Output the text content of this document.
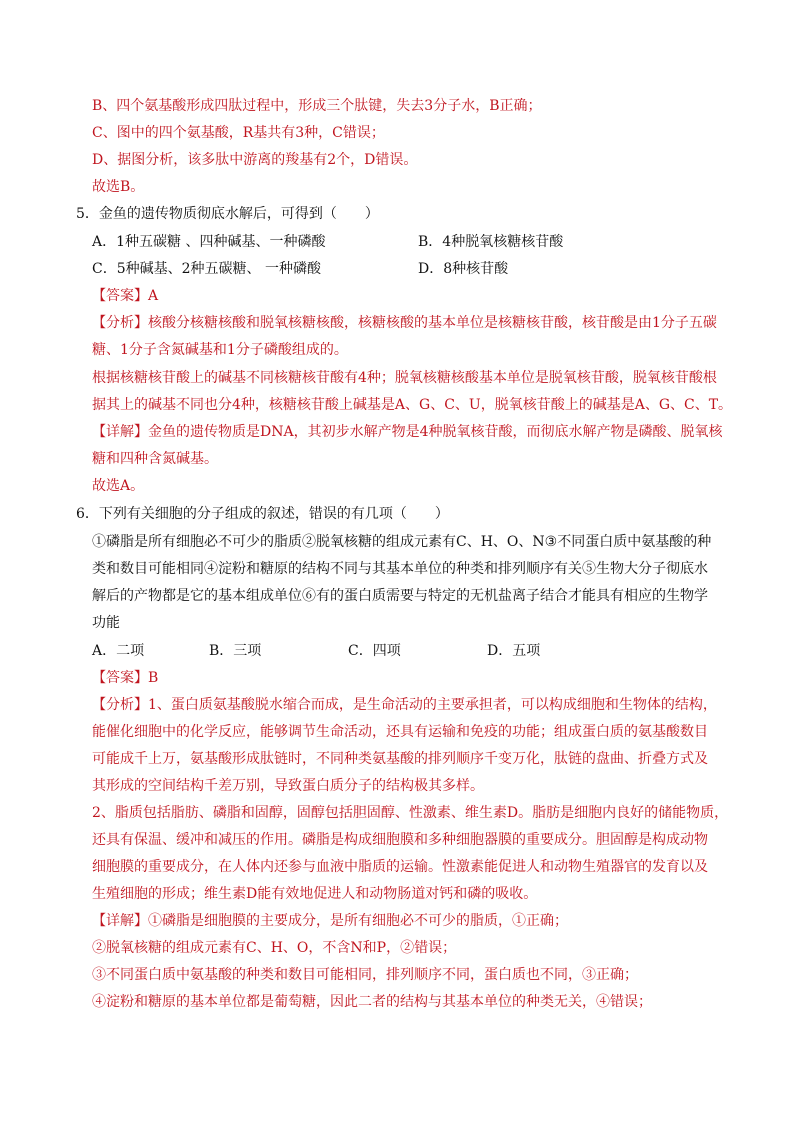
B、四个氨基酸形成四肽过程中，形成三个肽键，失去3分子水，B正确；
C、图中的四个氨基酸，R基共有3种，C错误；
D、据图分析，该多肽中游离的羧基有2个，D错误。
故选B。
5．金鱼的遗传物质彻底水解后，可得到（　　）
A．1种五碳糖 、四种碱基、一种磷酸	B．4种脱氧核糖核苷酸
C．5种碱基、2种五碳糖、 一种磷酸	D．8种核苷酸
【答案】A
【分析】核酸分核糖核酸和脱氧核糖核酸，核糖核酸的基本单位是核糖核苷酸，核苷酸是由1分子五碳
糖、1分子含氮碱基和1分子磷酸组成的。
根据核糖核苷酸上的碱基不同核糖核苷酸有4种；脱氧核糖核酸基本单位是脱氧核苷酸，脱氧核苷酸根
据其上的碱基不同也分4种，核糖核苷酸上碱基是A、G、C、U，脱氧核苷酸上的碱基是A、G、C、T。
【详解】金鱼的遗传物质是DNA，其初步水解产物是4种脱氧核苷酸，而彻底水解产物是磷酸、脱氧核
糖和四种含氮碱基。
故选A。
6．下列有关细胞的分子组成的叙述，错误的有几项（　　）
①磷脂是所有细胞必不可少的脂质②脱氧核糖的组成元素有C、H、O、N③不同蛋白质中氨基酸的种
类和数目可能相同④淀粉和糖原的结构不同与其基本单位的种类和排列顺序有关⑤生物大分子彻底水
解后的产物都是它的基本组成单位⑥有的蛋白质需要与特定的无机盐离子结合才能具有相应的生物学
功能
A．二项	B．三项	C．四项	D．五项
【答案】B
【分析】1、蛋白质氨基酸脱水缩合而成，是生命活动的主要承担者，可以构成细胞和生物体的结构，
能催化细胞中的化学反应，能够调节生命活动，还具有运输和免疫的功能；组成蛋白质的氨基酸数目
可能成千上万，氨基酸形成肽链时，不同种类氨基酸的排列顺序千变万化，肽链的盘曲、折叠方式及
其形成的空间结构千差万别，导致蛋白质分子的结构极其多样。
2、脂质包括脂肪、磷脂和固醇，固醇包括胆固醇、性激素、维生素D。脂肪是细胞内良好的储能物质，
还具有保温、缓冲和减压的作用。磷脂是构成细胞膜和多种细胞器膜的重要成分。胆固醇是构成动物
细胞膜的重要成分，在人体内还参与血液中脂质的运输。性激素能促进人和动物生殖器官的发育以及
生殖细胞的形成；维生素D能有效地促进人和动物肠道对钙和磷的吸收。
【详解】①磷脂是细胞膜的主要成分，是所有细胞必不可少的脂质，①正确；
②脱氧核糖的组成元素有C、H、O，不含N和P，②错误；
③不同蛋白质中氨基酸的种类和数目可能相同，排列顺序不同，蛋白质也不同，③正确；
④淀粉和糖原的基本单位都是葡萄糖，因此二者的结构与其基本单位的种类无关，④错误；
